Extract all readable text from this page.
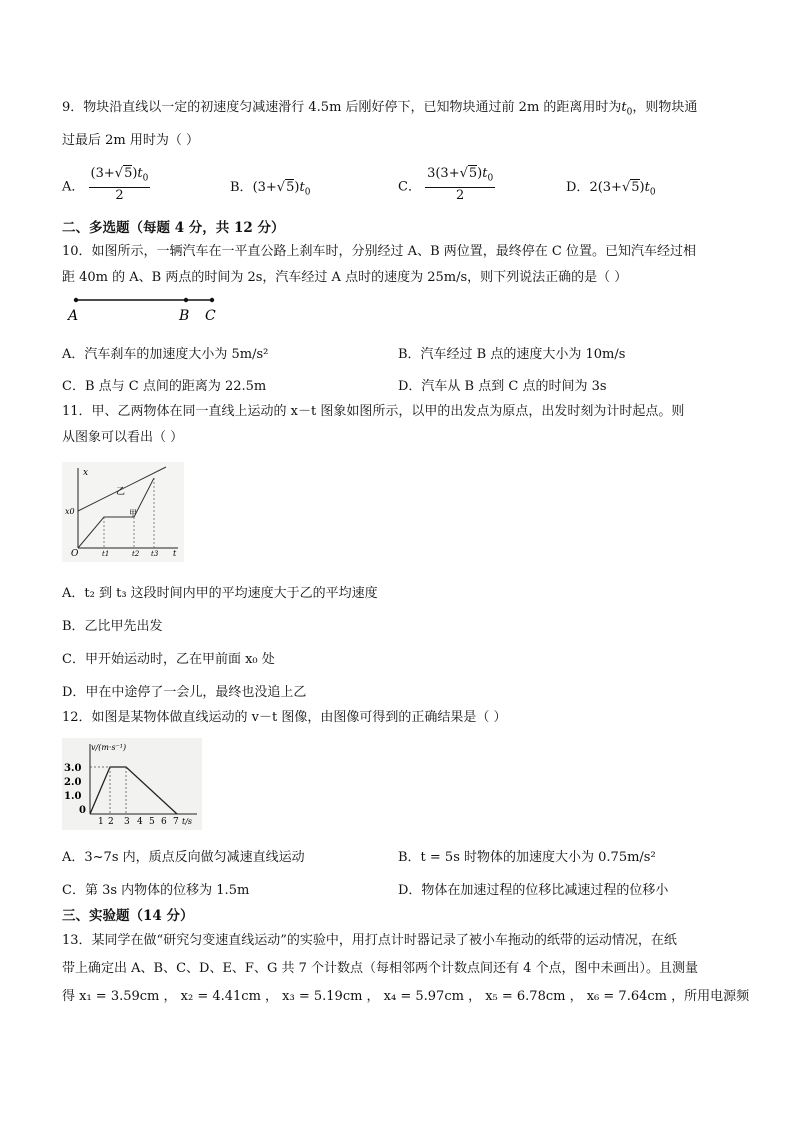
9．物块沿直线以一定的初速度匀减速滑行 4.5m 后刚好停下，已知物块通过前 2m 的距离用时为$t_0$，则物块通
过最后 2m 用时为（ ）
A． $\frac{(3+√5)t_0}{2}$	B．$(3+√5)t_0$	C． $\frac{3(3+√5)t_0}{2}$	D．$2(3+√5)t_0$
二、多选题（每题 4 分，共 12 分）
10．如图所示，一辆汽车在一平直公路上刹车时，分别经过 A、B 两位置，最终停在 C 位置。已知汽车经过相
距 40m 的 A、B 两点的时间为 2s，汽车经过 A 点时的速度为 25m/s，则下列说法正确的是（ ）
A	B C
A．汽车刹车的加速度大小为 5m/s²	B．汽车经过 B 点的速度大小为 10m/s
C．B 点与 C 点间的距离为 22.5m	D．汽车从 B 点到 C 点的时间为 3s
11．甲、乙两物体在同一直线上运动的 x－t 图象如图所示，以甲的出发点为原点，出发时刻为计时起点。则
从图象可以看出（ ）
x
x0
O
乙
甲
t1	t2 t3 t
A．t₂ 到 t₃ 这段时间内甲的平均速度大于乙的平均速度
B．乙比甲先出发
C．甲开始运动时，乙在甲前面 x₀ 处
D．甲在中途停了一会儿，最终也没追上乙
12．如图是某物体做直线运动的 v－t 图像，由图像可得到的正确结果是（ ）
v/(m·s⁻¹)
3.0
2.0
1.0
0
1 2 3 4 5 6 7 t/s
A．3~7s 内，质点反向做匀减速直线运动	B．t = 5s 时物体的加速度大小为 0.75m/s²
C．第 3s 内物体的位移为 1.5m	D．物体在加速过程的位移比减速过程的位移小
三、实验题（14 分）
13．某同学在做“研究匀变速直线运动”的实验中，用打点计时器记录了被小车拖动的纸带的运动情况，在纸
带上确定出 A、B、C、D、E、F、G 共 7 个计数点（每相邻两个计数点间还有 4 个点，图中未画出）。且测量
得 x₁ = 3.59cm ， x₂ = 4.41cm ， x₃ = 5.19cm ， x₄ = 5.97cm ， x₅ = 6.78cm ， x₆ = 7.64cm ，所用电源频
